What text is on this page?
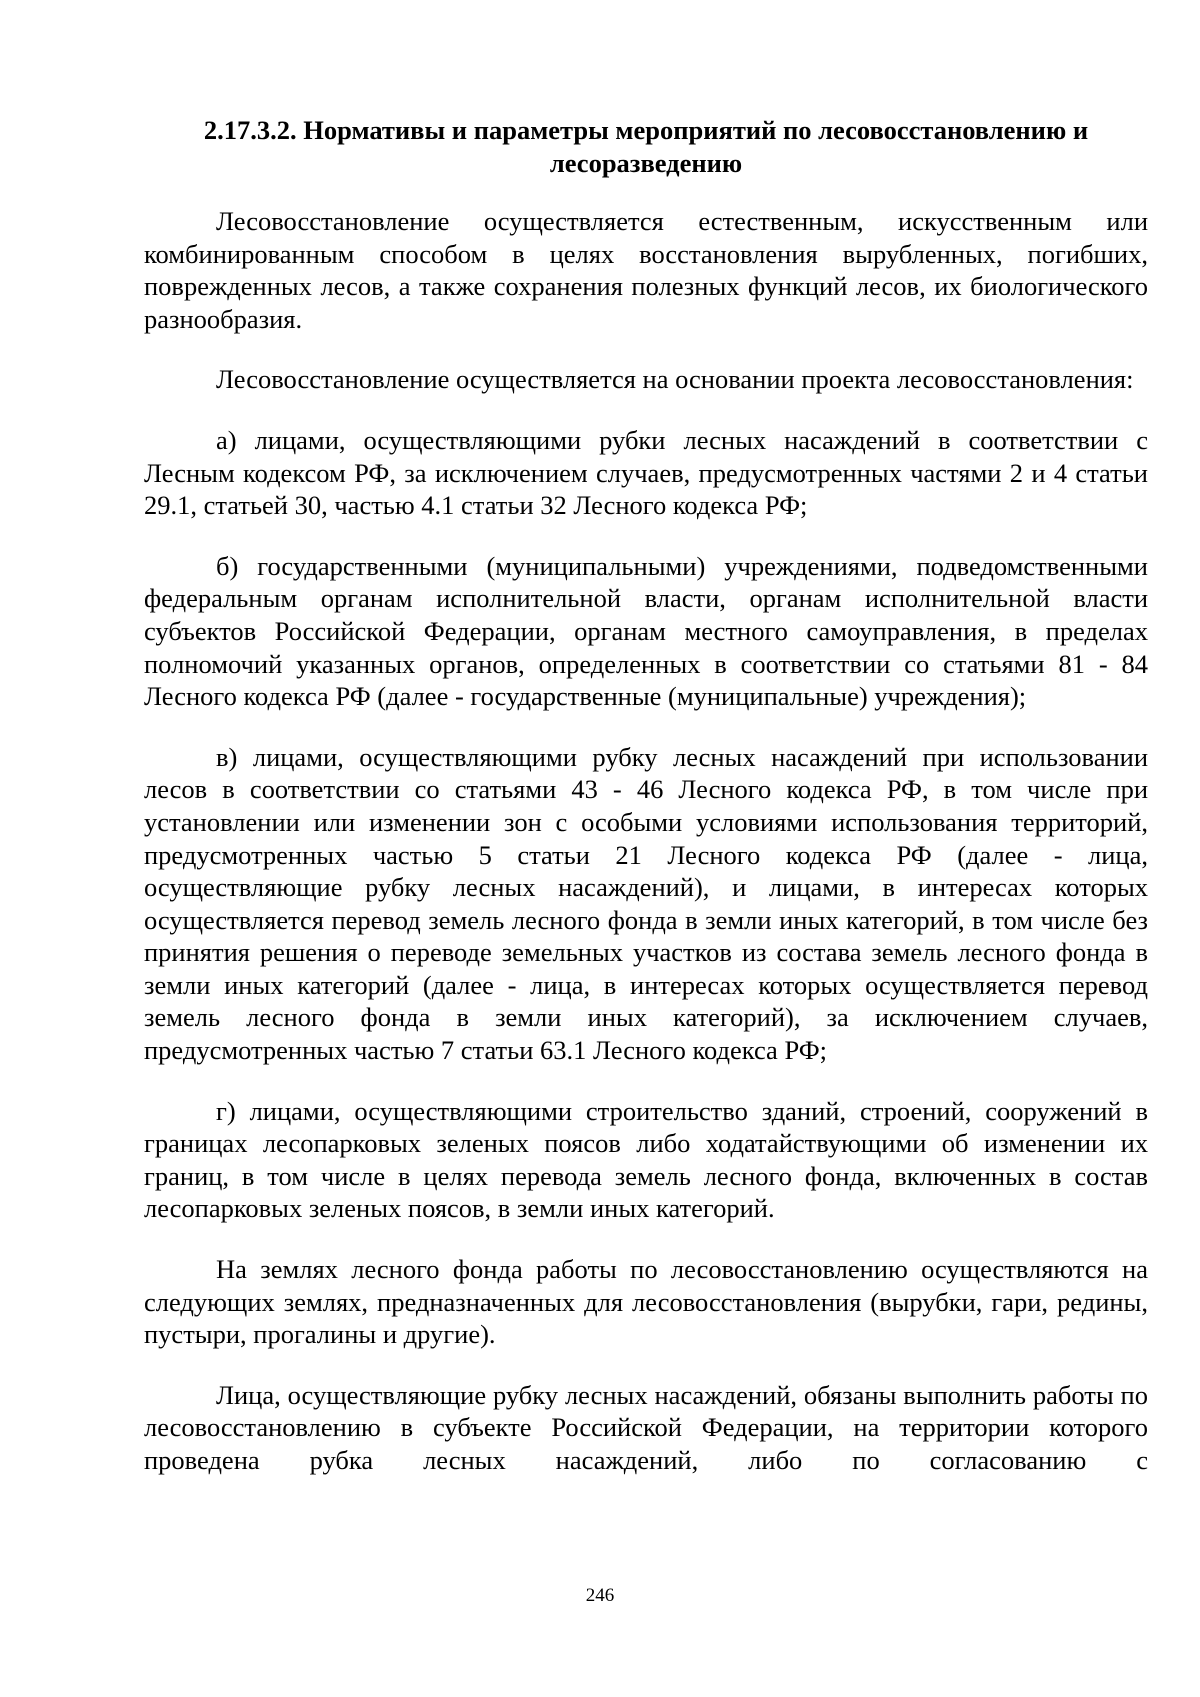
2.17.3.2. Нормативы и параметры мероприятий по лесовосстановлению и лесоразведению

Лесовосстановление осуществляется естественным, искусственным или комбинированным способом в целях восстановления вырубленных, погибших, поврежденных лесов, а также сохранения полезных функций лесов, их биологического разнообразия.

Лесовосстановление осуществляется на основании проекта лесовосстановления:

а) лицами, осуществляющими рубки лесных насаждений в соответствии с Лесным кодексом РФ, за исключением случаев, предусмотренных частями 2 и 4 статьи 29.1, статьей 30, частью 4.1 статьи 32 Лесного кодекса РФ;

б) государственными (муниципальными) учреждениями, подведомственными федеральным органам исполнительной власти, органам исполнительной власти субъектов Российской Федерации, органам местного самоуправления, в пределах полномочий указанных органов, определенных в соответствии со статьями 81 - 84 Лесного кодекса РФ (далее - государственные (муниципальные) учреждения);

в) лицами, осуществляющими рубку лесных насаждений при использовании лесов в соответствии со статьями 43 - 46 Лесного кодекса РФ, в том числе при установлении или изменении зон с особыми условиями использования территорий, предусмотренных частью 5 статьи 21 Лесного кодекса РФ (далее - лица, осуществляющие рубку лесных насаждений), и лицами, в интересах которых осуществляется перевод земель лесного фонда в земли иных категорий, в том числе без принятия решения о переводе земельных участков из состава земель лесного фонда в земли иных категорий (далее - лица, в интересах которых осуществляется перевод земель лесного фонда в земли иных категорий), за исключением случаев, предусмотренных частью 7 статьи 63.1 Лесного кодекса РФ;

г) лицами, осуществляющими строительство зданий, строений, сооружений в границах лесопарковых зеленых поясов либо ходатайствующими об изменении их границ, в том числе в целях перевода земель лесного фонда, включенных в состав лесопарковых зеленых поясов, в земли иных категорий.

На землях лесного фонда работы по лесовосстановлению осуществляются на следующих землях, предназначенных для лесовосстановления (вырубки, гари, редины, пустыри, прогалины и другие).

Лица, осуществляющие рубку лесных насаждений, обязаны выполнить работы по лесовосстановлению в субъекте Российской Федерации, на территории которого проведена рубка лесных насаждений, либо по согласованию с

246
